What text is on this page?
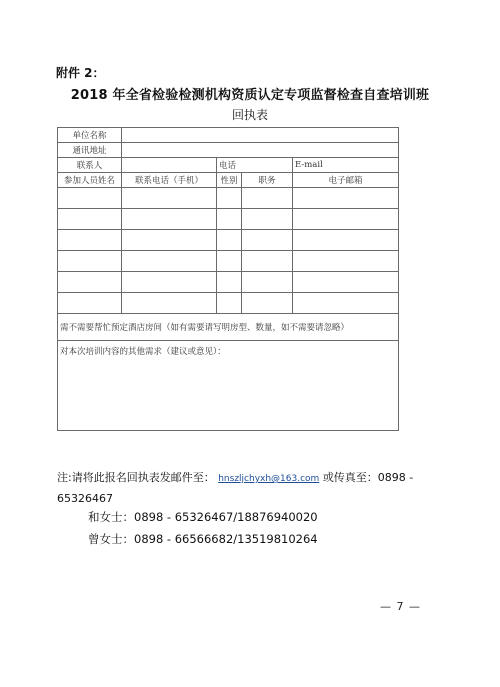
附件 2：
2018 年全省检验检测机构资质认定专项监督检查自查培训班
回执表
单位名称				
通讯地址				
联系人		电话		E-mail
参加人员姓名	联系电话（手机）	性别	职务	电子邮箱

需不需要帮忙预定酒店房间（如有需要请写明房型、数量，如不需要请忽略）				
对本次培训内容的其他需求（建议或意见）：				
注:请将此报名回执表发邮件至： hnszljchyxh@163.com 或传真至：0898 - 65326467
和女士：0898 - 65326467/18876940020
曾女士：0898 - 66566682/13519810264
— 7 —
